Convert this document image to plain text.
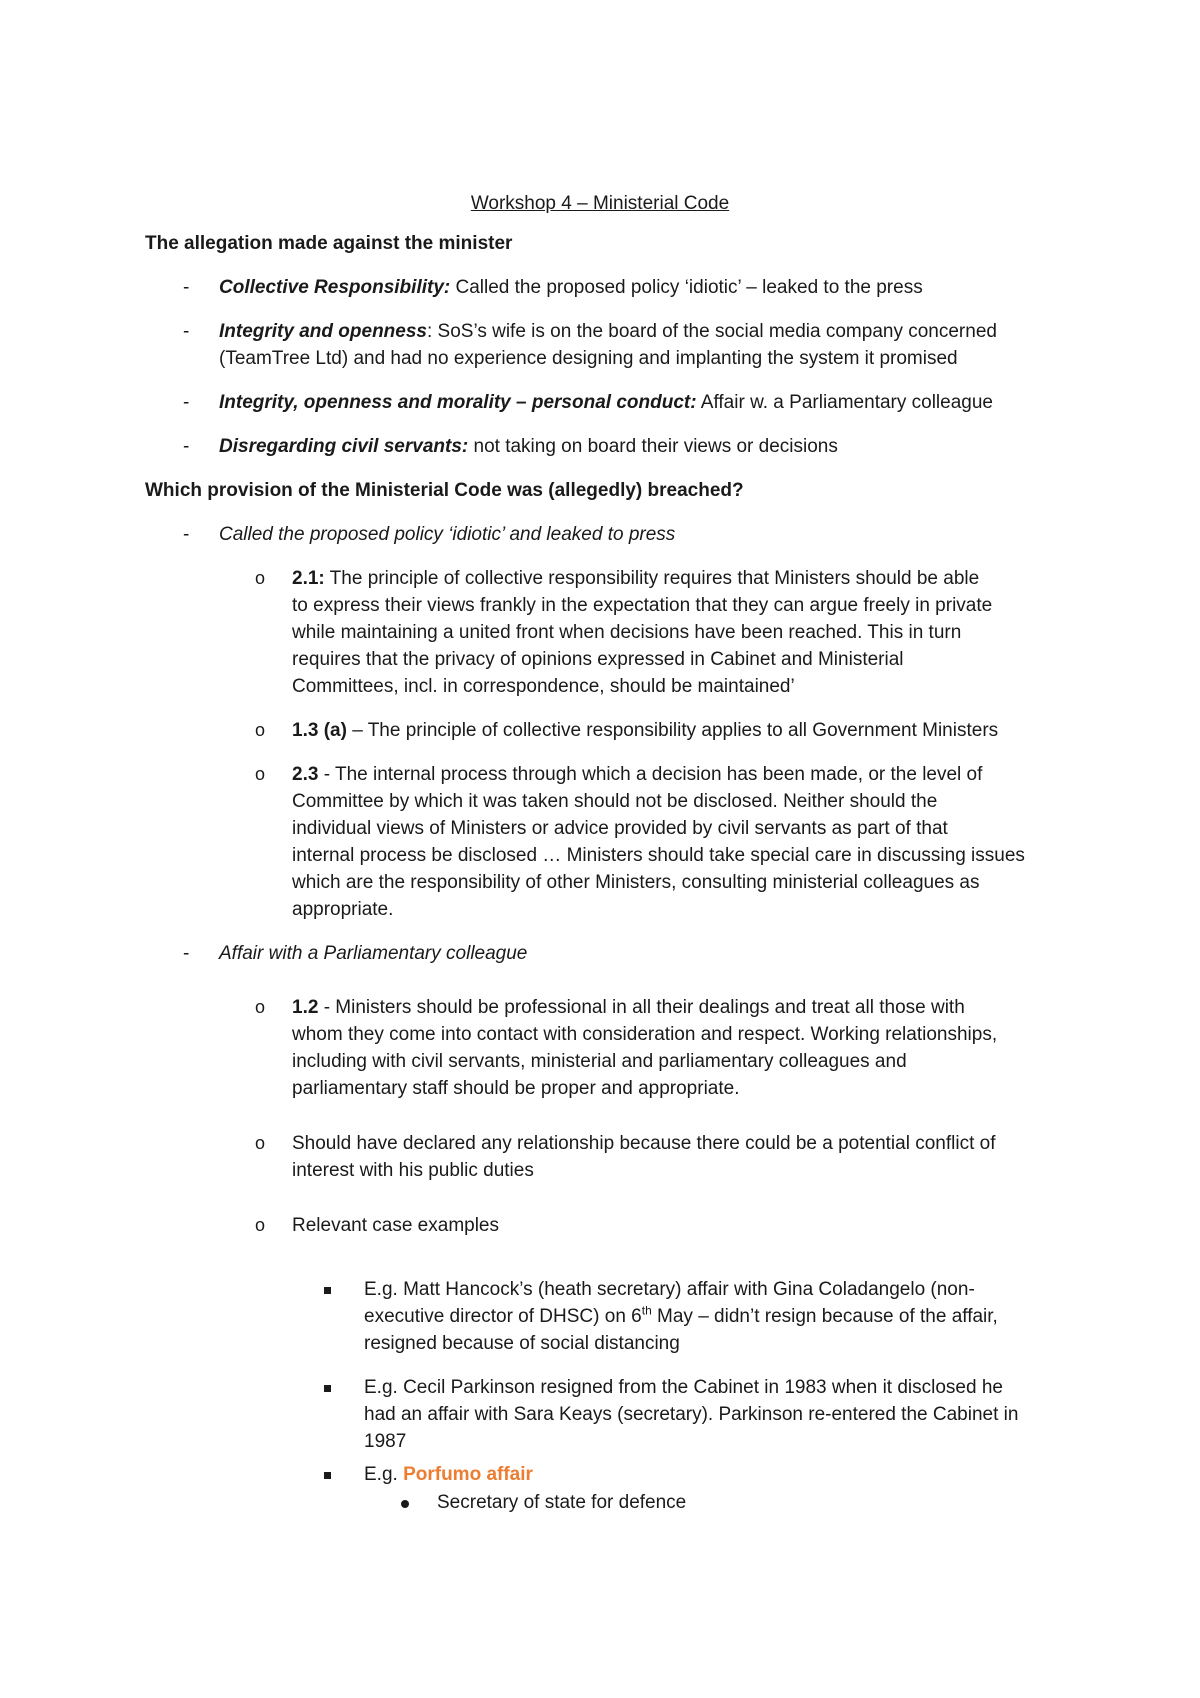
Workshop 4 – Ministerial Code
The allegation made against the minister
- Collective Responsibility: Called the proposed policy ‘idiotic’ – leaked to the press
- Integrity and openness: SoS’s wife is on the board of the social media company concerned
(TeamTree Ltd) and had no experience designing and implanting the system it promised
- Integrity, openness and morality – personal conduct: Affair w. a Parliamentary colleague
- Disregarding civil servants: not taking on board their views or decisions
Which provision of the Ministerial Code was (allegedly) breached?
- Called the proposed policy ‘idiotic’ and leaked to press
o 2.1: The principle of collective responsibility requires that Ministers should be able
to express their views frankly in the expectation that they can argue freely in private
while maintaining a united front when decisions have been reached. This in turn
requires that the privacy of opinions expressed in Cabinet and Ministerial
Committees, incl. in correspondence, should be maintained’
o 1.3 (a) – The principle of collective responsibility applies to all Government Ministers
o 2.3 - The internal process through which a decision has been made, or the level of
Committee by which it was taken should not be disclosed. Neither should the
individual views of Ministers or advice provided by civil servants as part of that
internal process be disclosed … Ministers should take special care in discussing issues
which are the responsibility of other Ministers, consulting ministerial colleagues as
appropriate.
- Affair with a Parliamentary colleague
o 1.2 - Ministers should be professional in all their dealings and treat all those with
whom they come into contact with consideration and respect. Working relationships,
including with civil servants, ministerial and parliamentary colleagues and
parliamentary staff should be proper and appropriate.
o Should have declared any relationship because there could be a potential conflict of
interest with his public duties
o Relevant case examples
E.g. Matt Hancock’s (heath secretary) affair with Gina Coladangelo (non-
executive director of DHSC) on 6th May – didn’t resign because of the affair,
resigned because of social distancing
E.g. Cecil Parkinson resigned from the Cabinet in 1983 when it disclosed he
had an affair with Sara Keays (secretary). Parkinson re-entered the Cabinet in
1987
E.g. Porfumo affair
Secretary of state for defence
